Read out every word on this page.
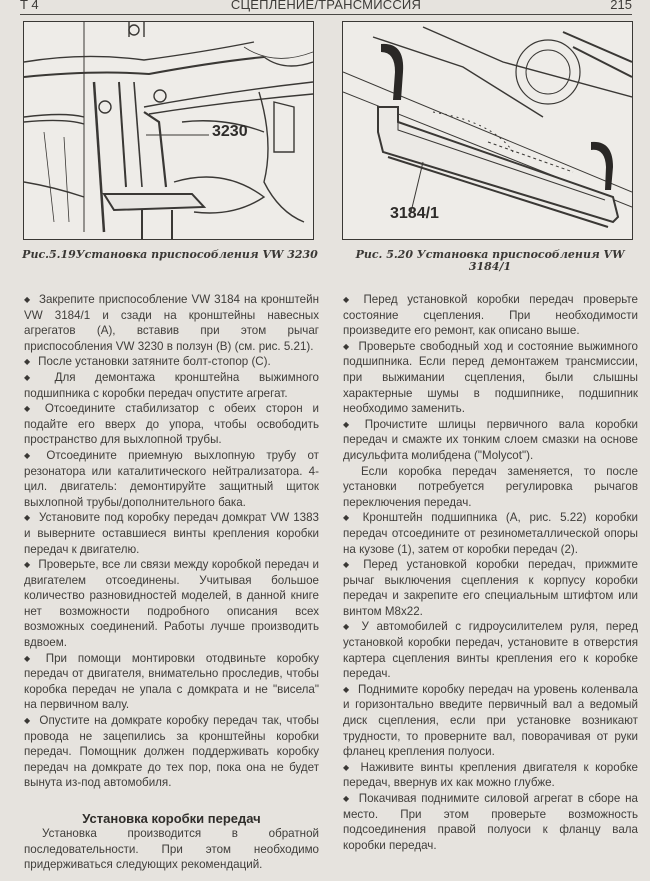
T 4	СЦЕПЛЕНИЕ/ТРАНСМИССИЯ	215
3230
3184/1
Рис.5.19Установка приспособления VW 3230	Рис. 5.20 Установка приспособления VW 3184/1

◆ Закрепите приспособление VW 3184 на кронштейн VW 3184/1 и сзади на кронштейны навесных агрегатов (А), вставив при этом рычаг приспособления VW 3230 в ползун (В) (см. рис. 5.21).

◆ После установки затяните болт-стопор (С).

◆ Для демонтажа кронштейна выжимного подшипника с коробки передач опустите агрегат.

◆ Отсоедините стабилизатор с обеих сторон и подайте его вверх до упора, чтобы освободить пространство для выхлопной трубы.

◆ Отсоедините приемную выхлопную трубу от резонатора или каталитического нейтрализатора. 4-цил. двигатель: демонтируйте защитный щиток выхлопной трубы/дополнительного бака.

◆ Установите под коробку передач домкрат VW 1383 и выверните оставшиеся винты крепления коробки передач к двигателю.

◆ Проверьте, все ли связи между коробкой передач и двигателем отсоединены. Учитывая большое количество разновидностей моделей, в данной книге нет возможности подробного описания всех возможных соединений. Работы лучше производить вдвоем.

◆ При помощи монтировки отодвиньте коробку передач от двигателя, внимательно проследив, чтобы коробка передач не упала с домкрата и не "висела" на первичном валу.

◆ Опустите на домкрате коробку передач так, чтобы провода не зацепились за кронштейны коробки передач. Помощник должен поддерживать коробку передач на домкрате до тех пор, пока она не будет вынута из-под автомобиля.

Установка коробки передач

Установка производится в обратной последовательности. При этом необходимо придерживаться следующих рекомендаций.

◆ Перед установкой коробки передач проверьте состояние сцепления. При необходимости произведите его ремонт, как описано выше.

◆ Проверьте свободный ход и состояние выжимного подшипника. Если перед демонтажем трансмиссии, при выжимании сцепления, были слышны характерные шумы в подшипнике, подшипник необходимо заменить.

◆ Прочистите шлицы первичного вала коробки передач и смажте их тонким слоем смазки на основе дисульфита молибдена ("Molycot").

Если коробка передач заменяется, то после установки потребуется регулировка рычагов переключения передач.

◆ Кронштейн подшипника (А, рис. 5.22) коробки передач отсоедините от резинометаллической опоры на кузове (1), затем от коробки передач (2).

◆ Перед установкой коробки передач, прижмите рычаг выключения сцепления к корпусу коробки передач и закрепите его специальным штифтом или винтом М8х22.

◆ У автомобилей с гидроусилителем руля, перед установкой коробки передач, установите в отверстия картера сцепления винты крепления его к коробке передач.

◆ Поднимите коробку передач на уровень коленвала и горизонтально введите первичный вал а ведомый диск сцепления, если при установке возникают трудности, то проверните вал, поворачивая от руки фланец крепления полуоси.

◆ Наживите винты крепления двигателя к коробке передач, ввернув их как можно глубже.

◆ Покачивая поднимите силовой агрегат в сборе на место. При этом проверьте возможность подсоединения правой полуоси к фланцу вала коробки передач.
